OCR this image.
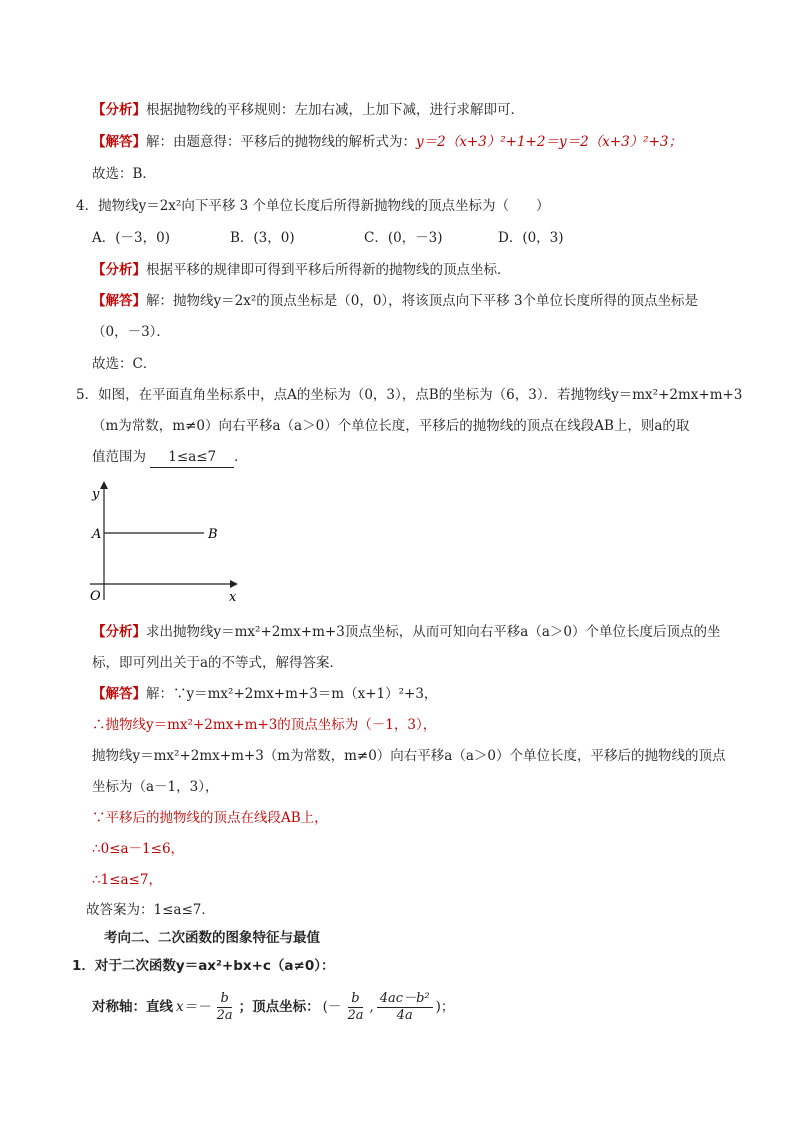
【分析】根据抛物线的平移规则：左加右减，上加下减，进行求解即可．
【解答】解：由题意得：平移后的抛物线的解析式为：y＝2（x+3）²+1+2＝y＝2（x+3）²+3；
故选：B．
4．抛物线y＝2x²向下平移 3 个单位长度后所得新抛物线的顶点坐标为（　　）
A．(－3，0)	B．(3，0)	C．(0，－3)	D．(0，3)
【分析】根据平移的规律即可得到平移后所得新的抛物线的顶点坐标．
【解答】解：抛物线y＝2x²的顶点坐标是（0，0），将该顶点向下平移 3个单位长度所得的顶点坐标是
（0，－3）．
故选：C．
5．如图，在平面直角坐标系中，点A的坐标为（0，3），点B的坐标为（6，3）．若抛物线y＝mx²+2mx+m+3
（m为常数，m≠0）向右平移a（a＞0）个单位长度，平移后的抛物线的顶点在线段AB上，则a的取
值范围为 1≤a≤7 ．
y
x
O
A	B
【分析】求出抛物线y＝mx²+2mx+m+3顶点坐标，从而可知向右平移a（a＞0）个单位长度后顶点的坐
标，即可列出关于a的不等式，解得答案．
【解答】解：∵y＝mx²+2mx+m+3＝m（x+1）²+3，
∴抛物线y＝mx²+2mx+m+3的顶点坐标为（－1，3），
抛物线y＝mx²+2mx+m+3（m为常数，m≠0）向右平移a（a＞0）个单位长度，平移后的抛物线的顶点
坐标为（a－1，3），
∵平移后的抛物线的顶点在线段AB上，
∴0≤a－1≤6，
∴1≤a≤7，
故答案为：1≤a≤7．
考向二、二次函数的图象特征与最值
1．对于二次函数y＝ax²+bx+c（a≠0）：
对称轴：直线 $x=- \frac{b}{2a}$ ；顶点坐标： (－ $\frac{b}{2a}$ , $\frac{\text{4ac－b²}}{4a}$ )；
